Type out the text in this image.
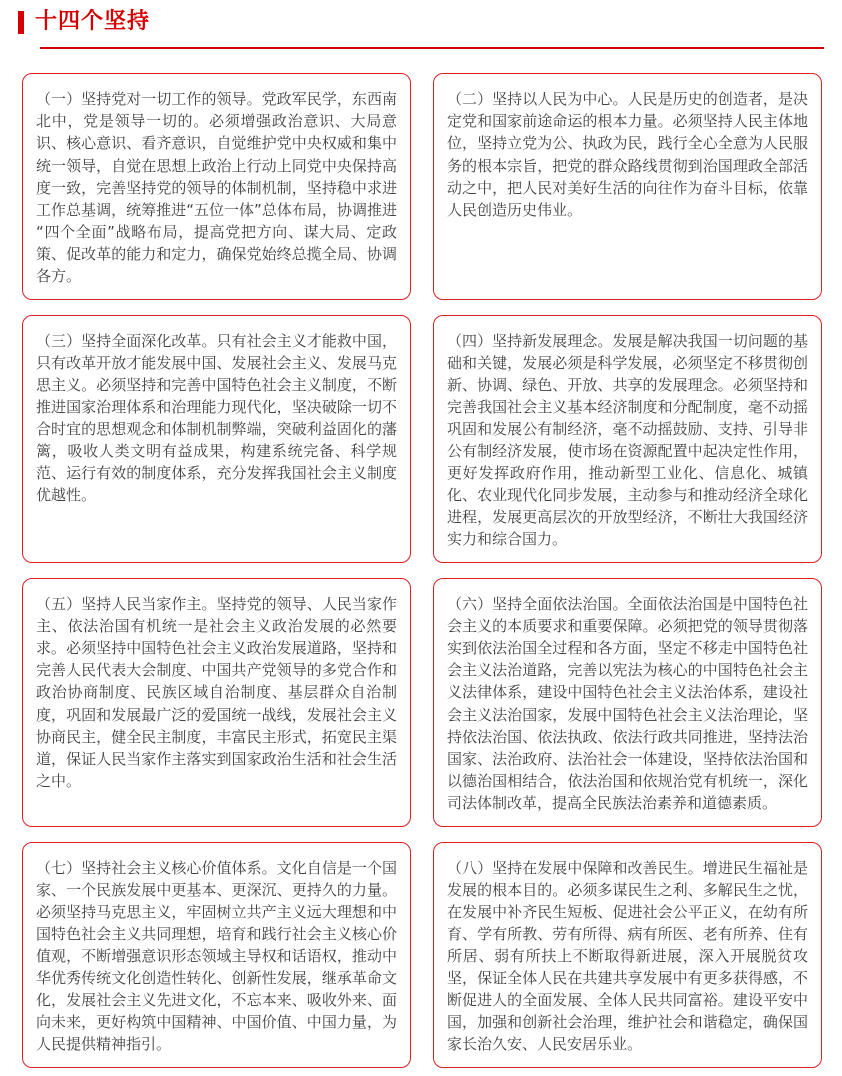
十四个坚持

（一）坚持党对一切工作的领导。党政军民学，东西南北中，党是领导一切的。必须增强政治意识、大局意识、核心意识、看齐意识，自觉维护党中央权威和集中统一领导，自觉在思想上政治上行动上同党中央保持高度一致，完善坚持党的领导的体制机制，坚持稳中求进工作总基调，统筹推进“五位一体”总体布局，协调推进“四个全面”战略布局，提高党把方向、谋大局、定政策、促改革的能力和定力，确保党始终总揽全局、协调各方。

（二）坚持以人民为中心。人民是历史的创造者，是决定党和国家前途命运的根本力量。必须坚持人民主体地位，坚持立党为公、执政为民，践行全心全意为人民服务的根本宗旨，把党的群众路线贯彻到治国理政全部活动之中，把人民对美好生活的向往作为奋斗目标，依靠人民创造历史伟业。

（三）坚持全面深化改革。只有社会主义才能救中国，只有改革开放才能发展中国、发展社会主义、发展马克思主义。必须坚持和完善中国特色社会主义制度，不断推进国家治理体系和治理能力现代化，坚决破除一切不合时宜的思想观念和体制机制弊端，突破利益固化的藩篱，吸收人类文明有益成果，构建系统完备、科学规范、运行有效的制度体系，充分发挥我国社会主义制度优越性。

（四）坚持新发展理念。发展是解决我国一切问题的基础和关键，发展必须是科学发展，必须坚定不移贯彻创新、协调、绿色、开放、共享的发展理念。必须坚持和完善我国社会主义基本经济制度和分配制度，毫不动摇巩固和发展公有制经济，毫不动摇鼓励、支持、引导非公有制经济发展，使市场在资源配置中起决定性作用，更好发挥政府作用，推动新型工业化、信息化、城镇化、农业现代化同步发展，主动参与和推动经济全球化进程，发展更高层次的开放型经济，不断壮大我国经济实力和综合国力。

（五）坚持人民当家作主。坚持党的领导、人民当家作主、依法治国有机统一是社会主义政治发展的必然要求。必须坚持中国特色社会主义政治发展道路，坚持和完善人民代表大会制度、中国共产党领导的多党合作和政治协商制度、民族区域自治制度、基层群众自治制度，巩固和发展最广泛的爱国统一战线，发展社会主义协商民主，健全民主制度，丰富民主形式，拓宽民主渠道，保证人民当家作主落实到国家政治生活和社会生活之中。

（六）坚持全面依法治国。全面依法治国是中国特色社会主义的本质要求和重要保障。必须把党的领导贯彻落实到依法治国全过程和各方面，坚定不移走中国特色社会主义法治道路，完善以宪法为核心的中国特色社会主义法律体系，建设中国特色社会主义法治体系，建设社会主义法治国家，发展中国特色社会主义法治理论，坚持依法治国、依法执政、依法行政共同推进，坚持法治国家、法治政府、法治社会一体建设，坚持依法治国和以德治国相结合，依法治国和依规治党有机统一，深化司法体制改革，提高全民族法治素养和道德素质。

（七）坚持社会主义核心价值体系。文化自信是一个国家、一个民族发展中更基本、更深沉、更持久的力量。必须坚持马克思主义，牢固树立共产主义远大理想和中国特色社会主义共同理想，培育和践行社会主义核心价值观，不断增强意识形态领域主导权和话语权，推动中华优秀传统文化创造性转化、创新性发展，继承革命文化，发展社会主义先进文化，不忘本来、吸收外来、面向未来，更好构筑中国精神、中国价值、中国力量，为人民提供精神指引。

（八）坚持在发展中保障和改善民生。增进民生福祉是发展的根本目的。必须多谋民生之利、多解民生之忧，在发展中补齐民生短板、促进社会公平正义，在幼有所育、学有所教、劳有所得、病有所医、老有所养、住有所居、弱有所扶上不断取得新进展，深入开展脱贫攻坚，保证全体人民在共建共享发展中有更多获得感，不断促进人的全面发展、全体人民共同富裕。建设平安中国，加强和创新社会治理，维护社会和谐稳定，确保国家长治久安、人民安居乐业。
